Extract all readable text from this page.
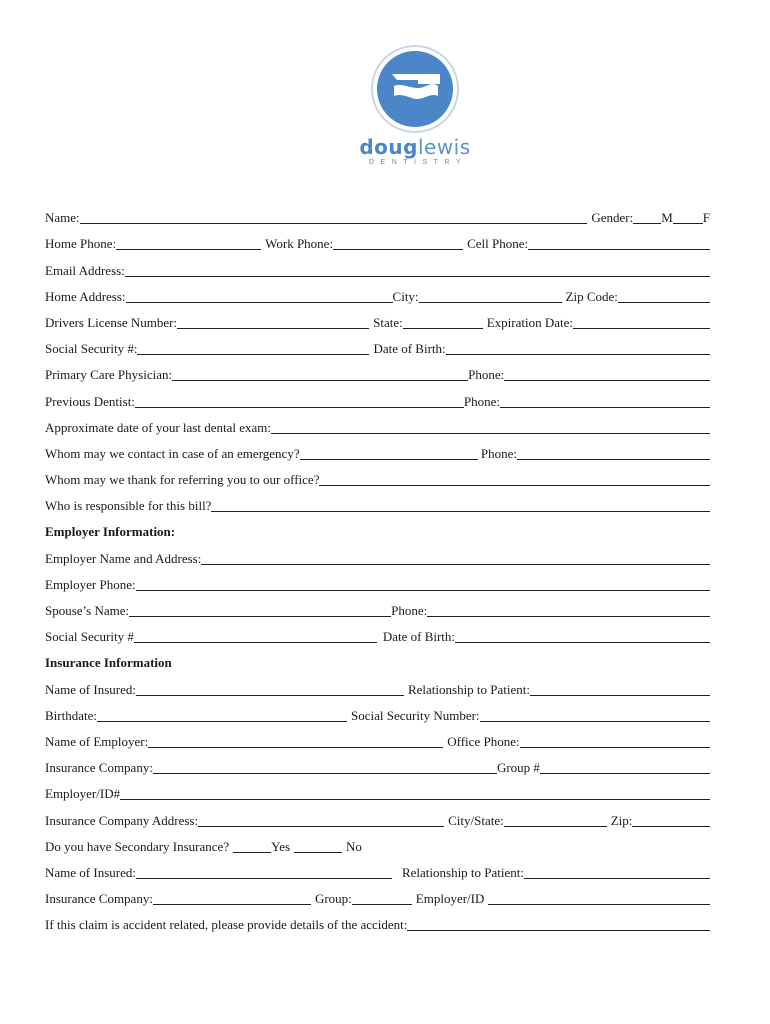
douglewis
DENTISTRY
Name:	Gender: M F
Home Phone:	Work Phone:	Cell Phone:
Email Address:
Home Address:	City:	Zip Code:
Drivers License Number:	State:	Expiration Date:
Social Security #:	Date of Birth:
Primary Care Physician:	Phone:
Previous Dentist:	Phone:
Approximate date of your last dental exam:
Whom may we contact in case of an emergency?	Phone:
Whom may we thank for referring you to our office?
Who is responsible for this bill?
Employer Information:
Employer Name and Address:
Employer Phone:
Spouse’s Name:	Phone:
Social Security #	Date of Birth:
Insurance Information
Name of Insured:	Relationship to Patient:
Birthdate:	Social Security Number:
Name of Employer:	Office Phone:
Insurance Company:	Group #
Employer/ID#
Insurance Company Address:	City/State:	Zip:
Do you have Secondary Insurance?	Yes	No
Name of Insured:	Relationship to Patient:
Insurance Company:	Group:	Employer/ID
If this claim is accident related, please provide details of the accident:
